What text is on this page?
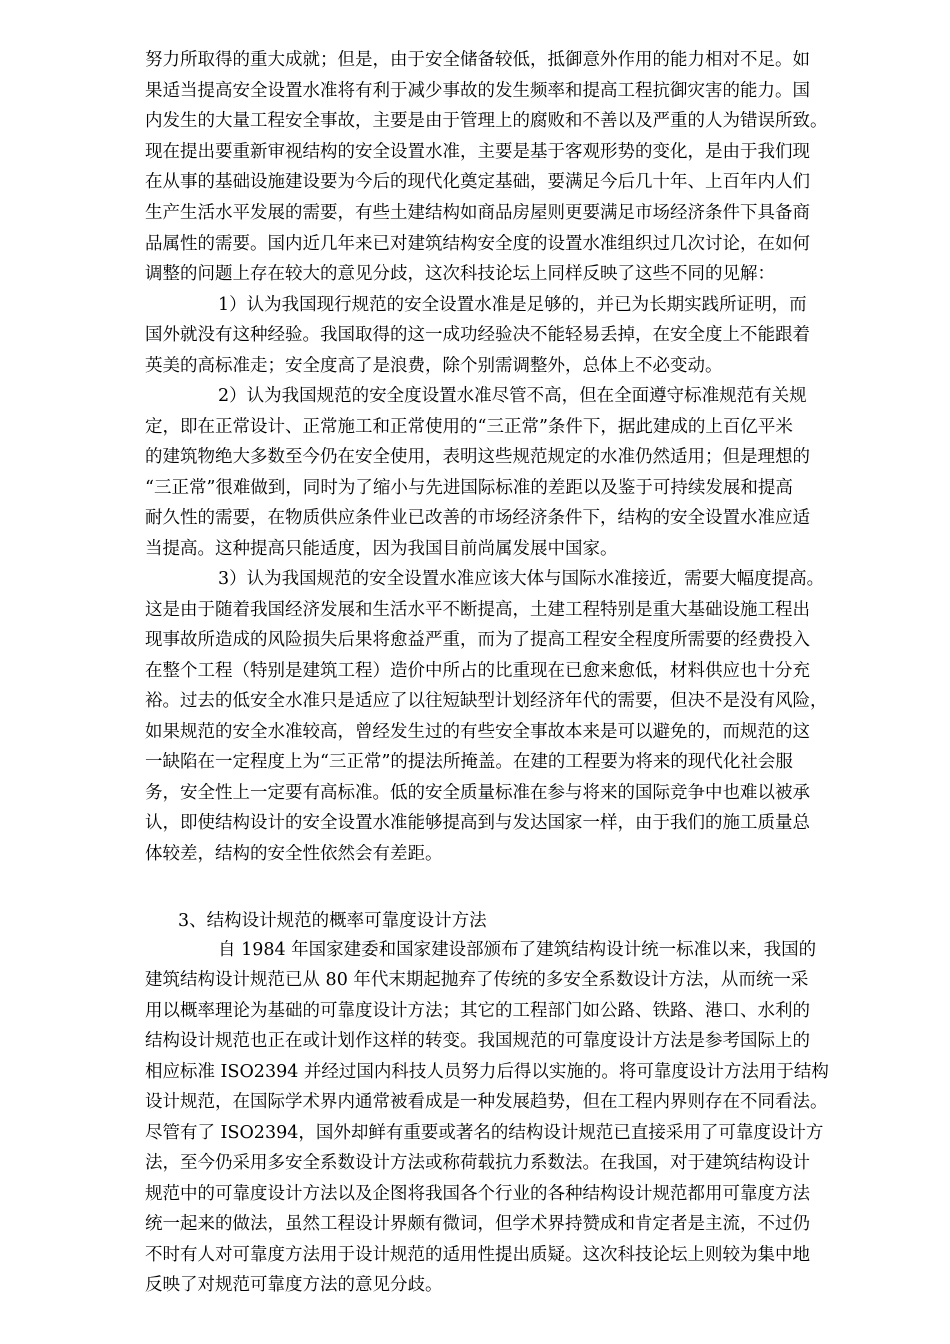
努力所取得的重大成就；但是，由于安全储备较低，抵御意外作用的能力相对不足。如
果适当提高安全设置水准将有利于减少事故的发生频率和提高工程抗御灾害的能力。国
内发生的大量工程安全事故，主要是由于管理上的腐败和不善以及严重的人为错误所致。
现在提出要重新审视结构的安全设置水准，主要是基于客观形势的变化，是由于我们现
在从事的基础设施建设要为今后的现代化奠定基础，要满足今后几十年、上百年内人们
生产生活水平发展的需要，有些土建结构如商品房屋则更要满足市场经济条件下具备商
品属性的需要。国内近几年来已对建筑结构安全度的设置水准组织过几次讨论，在如何
调整的问题上存在较大的意见分歧，这次科技论坛上同样反映了这些不同的见解：
1）认为我国现行规范的安全设置水准是足够的，并已为长期实践所证明，而
国外就没有这种经验。我国取得的这一成功经验决不能轻易丢掉，在安全度上不能跟着
英美的高标准走；安全度高了是浪费，除个别需调整外，总体上不必变动。
2）认为我国规范的安全度设置水准尽管不高，但在全面遵守标准规范有关规
定，即在正常设计、正常施工和正常使用的“三正常”条件下，据此建成的上百亿平米
的建筑物绝大多数至今仍在安全使用，表明这些规范规定的水准仍然适用；但是理想的
“三正常”很难做到，同时为了缩小与先进国际标准的差距以及鉴于可持续发展和提高
耐久性的需要，在物质供应条件业已改善的市场经济条件下，结构的安全设置水准应适
当提高。这种提高只能适度，因为我国目前尚属发展中国家。
3）认为我国规范的安全设置水准应该大体与国际水准接近，需要大幅度提高。
这是由于随着我国经济发展和生活水平不断提高，土建工程特别是重大基础设施工程出
现事故所造成的风险损失后果将愈益严重，而为了提高工程安全程度所需要的经费投入
在整个工程（特别是建筑工程）造价中所占的比重现在已愈来愈低，材料供应也十分充
裕。过去的低安全水准只是适应了以往短缺型计划经济年代的需要，但决不是没有风险，
如果规范的安全水准较高，曾经发生过的有些安全事故本来是可以避免的，而规范的这
一缺陷在一定程度上为“三正常”的提法所掩盖。在建的工程要为将来的现代化社会服
务，安全性上一定要有高标准。低的安全质量标准在参与将来的国际竞争中也难以被承
认，即使结构设计的安全设置水准能够提高到与发达国家一样，由于我们的施工质量总
体较差，结构的安全性依然会有差距。
3、结构设计规范的概率可靠度设计方法
自 1984 年国家建委和国家建设部颁布了建筑结构设计统一标准以来，我国的
建筑结构设计规范已从 80 年代末期起抛弃了传统的多安全系数设计方法，从而统一采
用以概率理论为基础的可靠度设计方法；其它的工程部门如公路、铁路、港口、水利的
结构设计规范也正在或计划作这样的转变。我国规范的可靠度设计方法是参考国际上的
相应标准 ISO2394 并经过国内科技人员努力后得以实施的。将可靠度设计方法用于结构
设计规范，在国际学术界内通常被看成是一种发展趋势，但在工程内界则存在不同看法。
尽管有了 ISO2394，国外却鲜有重要或著名的结构设计规范已直接采用了可靠度设计方
法，至今仍采用多安全系数设计方法或称荷载抗力系数法。在我国，对于建筑结构设计
规范中的可靠度设计方法以及企图将我国各个行业的各种结构设计规范都用可靠度方法
统一起来的做法，虽然工程设计界颇有微词，但学术界持赞成和肯定者是主流，不过仍
不时有人对可靠度方法用于设计规范的适用性提出质疑。这次科技论坛上则较为集中地
反映了对规范可靠度方法的意见分歧。
